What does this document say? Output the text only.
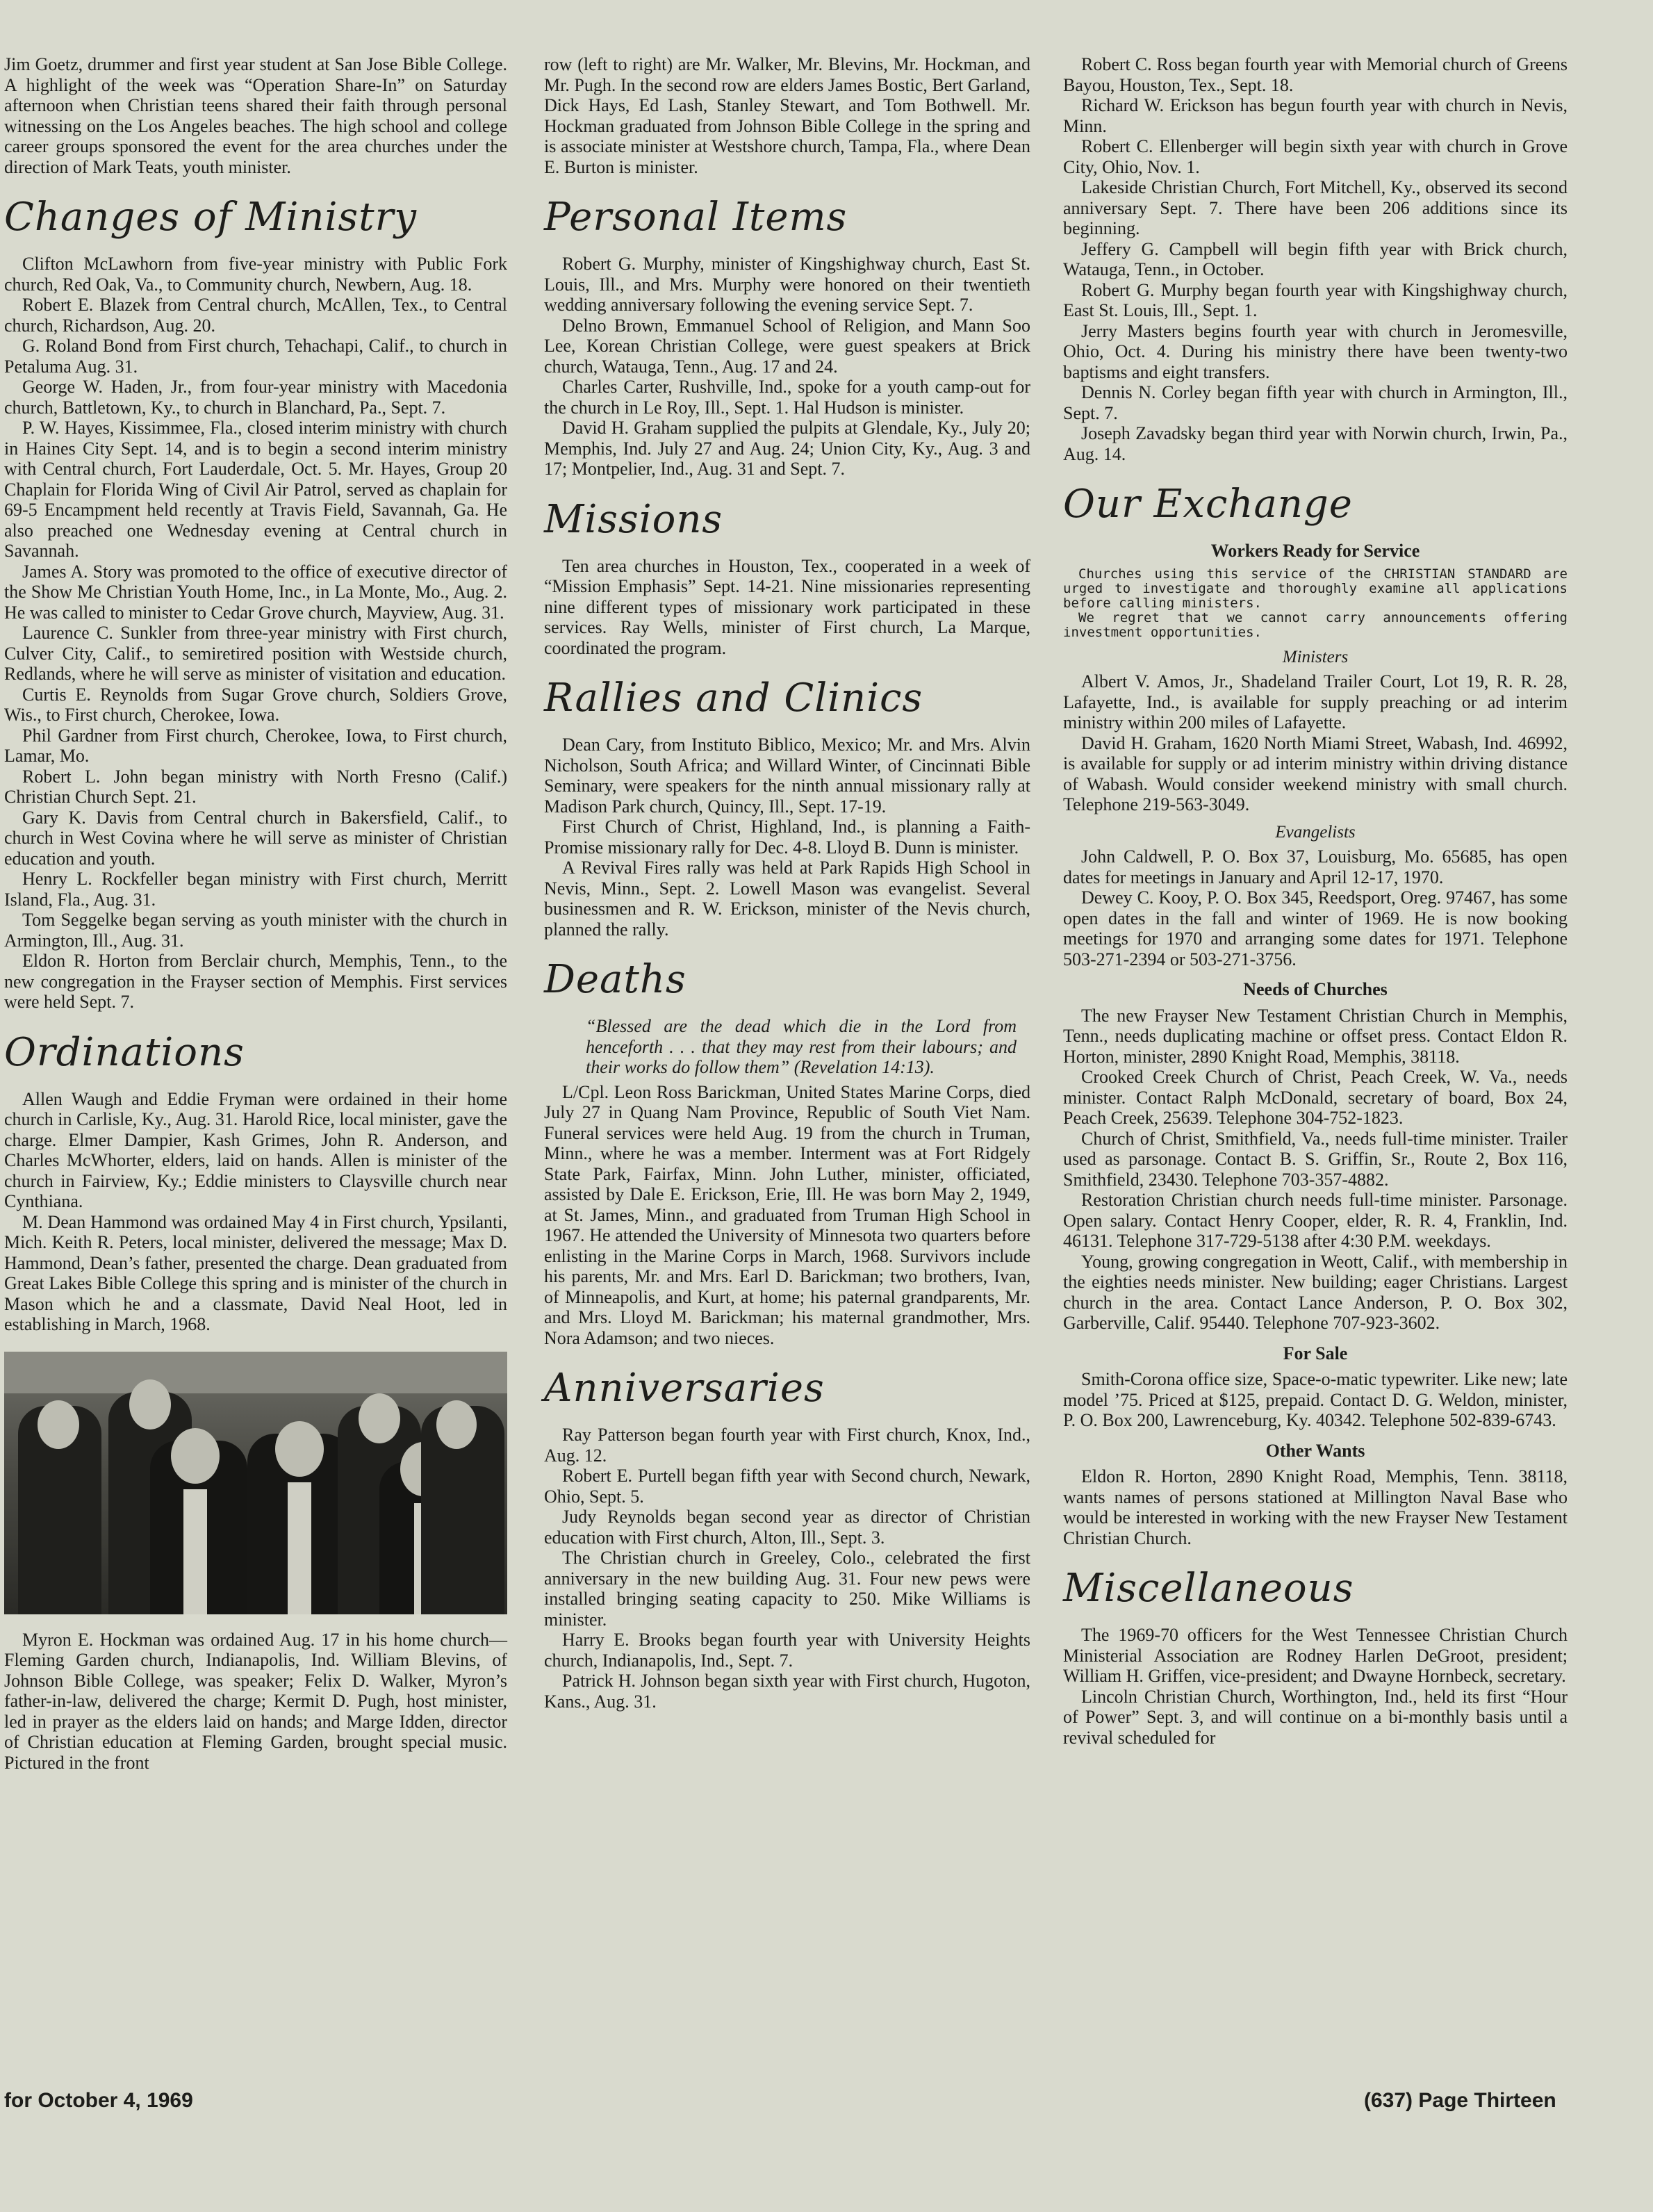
Jim Goetz, drummer and first year student at San Jose Bible College. A highlight of the week was “Operation Share-In” on Saturday afternoon when Christian teens shared their faith through personal witnessing on the Los Angeles beaches. The high school and college career groups sponsored the event for the area churches under the direction of Mark Teats, youth minister.

Changes of Ministry

Clifton McLawhorn from five-year ministry with Public Fork church, Red Oak, Va., to Community church, Newbern, Aug. 18.

Robert E. Blazek from Central church, McAllen, Tex., to Central church, Richardson, Aug. 20.

G. Roland Bond from First church, Tehachapi, Calif., to church in Petaluma Aug. 31.

George W. Haden, Jr., from four-year ministry with Macedonia church, Battletown, Ky., to church in Blanchard, Pa., Sept. 7.

P. W. Hayes, Kissimmee, Fla., closed interim ministry with church in Haines City Sept. 14, and is to begin a second interim ministry with Central church, Fort Lauderdale, Oct. 5. Mr. Hayes, Group 20 Chaplain for Florida Wing of Civil Air Patrol, served as chaplain for 69-5 Encampment held recently at Travis Field, Savannah, Ga. He also preached one Wednesday evening at Central church in Savannah.

James A. Story was promoted to the office of executive director of the Show Me Christian Youth Home, Inc., in La Monte, Mo., Aug. 2. He was called to minister to Cedar Grove church, Mayview, Aug. 31.

Laurence C. Sunkler from three-year ministry with First church, Culver City, Calif., to semiretired position with Westside church, Redlands, where he will serve as minister of visitation and education.

Curtis E. Reynolds from Sugar Grove church, Soldiers Grove, Wis., to First church, Cherokee, Iowa.

Phil Gardner from First church, Cherokee, Iowa, to First church, Lamar, Mo.

Robert L. John began ministry with North Fresno (Calif.) Christian Church Sept. 21.

Gary K. Davis from Central church in Bakersfield, Calif., to church in West Covina where he will serve as minister of Christian education and youth.

Henry L. Rockfeller began ministry with First church, Merritt Island, Fla., Aug. 31.

Tom Seggelke began serving as youth minister with the church in Armington, Ill., Aug. 31.

Eldon R. Horton from Berclair church, Memphis, Tenn., to the new congregation in the Frayser section of Memphis. First services were held Sept. 7.

Ordinations

Allen Waugh and Eddie Fryman were ordained in their home church in Carlisle, Ky., Aug. 31. Harold Rice, local minister, gave the charge. Elmer Dampier, Kash Grimes, John R. Anderson, and Charles McWhorter, elders, laid on hands. Allen is minister of the church in Fairview, Ky.; Eddie ministers to Claysville church near Cynthiana.

M. Dean Hammond was ordained May 4 in First church, Ypsilanti, Mich. Keith R. Peters, local minister, delivered the message; Max D. Hammond, Dean’s father, presented the charge. Dean graduated from Great Lakes Bible College this spring and is minister of the church in Mason which he and a classmate, David Neal Hoot, led in establishing in March, 1968.

Myron E. Hockman was ordained Aug. 17 in his home church—Fleming Garden church, Indianapolis, Ind. William Blevins, of Johnson Bible College, was speaker; Felix D. Walker, Myron’s father-in-law, delivered the charge; Kermit D. Pugh, host minister, led in prayer as the elders laid on hands; and Marge Idden, director of Christian education at Fleming Garden, brought special music. Pictured in the front

row (left to right) are Mr. Walker, Mr. Blevins, Mr. Hockman, and Mr. Pugh. In the second row are elders James Bostic, Bert Garland, Dick Hays, Ed Lash, Stanley Stewart, and Tom Bothwell. Mr. Hockman graduated from Johnson Bible College in the spring and is associate minister at Westshore church, Tampa, Fla., where Dean E. Burton is minister.

Personal Items

Robert G. Murphy, minister of Kingshighway church, East St. Louis, Ill., and Mrs. Murphy were honored on their twentieth wedding anniversary following the evening service Sept. 7.

Delno Brown, Emmanuel School of Religion, and Mann Soo Lee, Korean Christian College, were guest speakers at Brick church, Watauga, Tenn., Aug. 17 and 24.

Charles Carter, Rushville, Ind., spoke for a youth camp-out for the church in Le Roy, Ill., Sept. 1. Hal Hudson is minister.

David H. Graham supplied the pulpits at Glendale, Ky., July 20; Memphis, Ind. July 27 and Aug. 24; Union City, Ky., Aug. 3 and 17; Montpelier, Ind., Aug. 31 and Sept. 7.

Missions

Ten area churches in Houston, Tex., cooperated in a week of “Mission Emphasis” Sept. 14-21. Nine missionaries representing nine different types of missionary work participated in these services. Ray Wells, minister of First church, La Marque, coordinated the program.

Rallies and Clinics

Dean Cary, from Instituto Biblico, Mexico; Mr. and Mrs. Alvin Nicholson, South Africa; and Willard Winter, of Cincinnati Bible Seminary, were speakers for the ninth annual missionary rally at Madison Park church, Quincy, Ill., Sept. 17-19.

First Church of Christ, Highland, Ind., is planning a Faith-Promise missionary rally for Dec. 4-8. Lloyd B. Dunn is minister.

A Revival Fires rally was held at Park Rapids High School in Nevis, Minn., Sept. 2. Lowell Mason was evangelist. Several businessmen and R. W. Erickson, minister of the Nevis church, planned the rally.

Deaths
“Blessed are the dead which die in the Lord from henceforth . . . that they may rest from their labours; and their works do follow them” (Revelation 14:13).

L/Cpl. Leon Ross Barickman, United States Marine Corps, died July 27 in Quang Nam Province, Republic of South Viet Nam. Funeral services were held Aug. 19 from the church in Truman, Minn., where he was a member. Interment was at Fort Ridgely State Park, Fairfax, Minn. John Luther, minister, officiated, assisted by Dale E. Erickson, Erie, Ill. He was born May 2, 1949, at St. James, Minn., and graduated from Truman High School in 1967. He attended the University of Minnesota two quarters before enlisting in the Marine Corps in March, 1968. Survivors include his parents, Mr. and Mrs. Earl D. Barickman; two brothers, Ivan, of Minneapolis, and Kurt, at home; his paternal grandparents, Mr. and Mrs. Lloyd M. Barickman; his maternal grandmother, Mrs. Nora Adamson; and two nieces.

Anniversaries

Ray Patterson began fourth year with First church, Knox, Ind., Aug. 12.

Robert E. Purtell began fifth year with Second church, Newark, Ohio, Sept. 5.

Judy Reynolds began second year as director of Christian education with First church, Alton, Ill., Sept. 3.

The Christian church in Greeley, Colo., celebrated the first anniversary in the new building Aug. 31. Four new pews were installed bringing seating capacity to 250. Mike Williams is minister.

Harry E. Brooks began fourth year with University Heights church, Indianapolis, Ind., Sept. 7.

Patrick H. Johnson began sixth year with First church, Hugoton, Kans., Aug. 31.

Robert C. Ross began fourth year with Memorial church of Greens Bayou, Houston, Tex., Sept. 18.

Richard W. Erickson has begun fourth year with church in Nevis, Minn.

Robert C. Ellenberger will begin sixth year with church in Grove City, Ohio, Nov. 1.

Lakeside Christian Church, Fort Mitchell, Ky., observed its second anniversary Sept. 7. There have been 206 additions since its beginning.

Jeffery G. Campbell will begin fifth year with Brick church, Watauga, Tenn., in October.

Robert G. Murphy began fourth year with Kingshighway church, East St. Louis, Ill., Sept. 1.

Jerry Masters begins fourth year with church in Jeromesville, Ohio, Oct. 4. During his ministry there have been twenty-two baptisms and eight transfers.

Dennis N. Corley began fifth year with church in Armington, Ill., Sept. 7.

Joseph Zavadsky began third year with Norwin church, Irwin, Pa., Aug. 14.

Our Exchange
Workers Ready for Service

Churches using this service of the CHRISTIAN STANDARD are urged to investigate and thoroughly examine all applications before calling ministers.

We regret that we cannot carry announcements offering investment opportunities.

Ministers

Albert V. Amos, Jr., Shadeland Trailer Court, Lot 19, R. R. 28, Lafayette, Ind., is available for supply preaching or ad interim ministry within 200 miles of Lafayette.

David H. Graham, 1620 North Miami Street, Wabash, Ind. 46992, is available for supply or ad interim ministry within driving distance of Wabash. Would consider weekend ministry with small church. Telephone 219-563-3049.

Evangelists

John Caldwell, P. O. Box 37, Louisburg, Mo. 65685, has open dates for meetings in January and April 12-17, 1970.

Dewey C. Kooy, P. O. Box 345, Reedsport, Oreg. 97467, has some open dates in the fall and winter of 1969. He is now booking meetings for 1970 and arranging some dates for 1971. Telephone 503-271-2394 or 503-271-3756.

Needs of Churches

The new Frayser New Testament Christian Church in Memphis, Tenn., needs duplicating machine or offset press. Contact Eldon R. Horton, minister, 2890 Knight Road, Memphis, 38118.

Crooked Creek Church of Christ, Peach Creek, W. Va., needs minister. Contact Ralph McDonald, secretary of board, Box 24, Peach Creek, 25639. Telephone 304-752-1823.

Church of Christ, Smithfield, Va., needs full-time minister. Trailer used as parsonage. Contact B. S. Griffin, Sr., Route 2, Box 116, Smithfield, 23430. Telephone 703-357-4882.

Restoration Christian church needs full-time minister. Parsonage. Open salary. Contact Henry Cooper, elder, R. R. 4, Franklin, Ind. 46131. Telephone 317-729-5138 after 4:30 P.M. weekdays.

Young, growing congregation in Weott, Calif., with membership in the eighties needs minister. New building; eager Christians. Largest church in the area. Contact Lance Anderson, P. O. Box 302, Garberville, Calif. 95440. Telephone 707-923-3602.

For Sale

Smith-Corona office size, Space-o-matic typewriter. Like new; late model ’75. Priced at $125, prepaid. Contact D. G. Weldon, minister, P. O. Box 200, Lawrenceburg, Ky. 40342. Telephone 502-839-6743.

Other Wants

Eldon R. Horton, 2890 Knight Road, Memphis, Tenn. 38118, wants names of persons stationed at Millington Naval Base who would be interested in working with the new Frayser New Testament Christian Church.

Miscellaneous

The 1969-70 officers for the West Tennessee Christian Church Ministerial Association are Rodney Harlen DeGroot, president; William H. Griffen, vice-president; and Dwayne Hornbeck, secretary.

Lincoln Christian Church, Worthington, Ind., held its first “Hour of Power” Sept. 3, and will continue on a bi-monthly basis until a revival scheduled for

for October 4, 1969	(637) Page Thirteen
